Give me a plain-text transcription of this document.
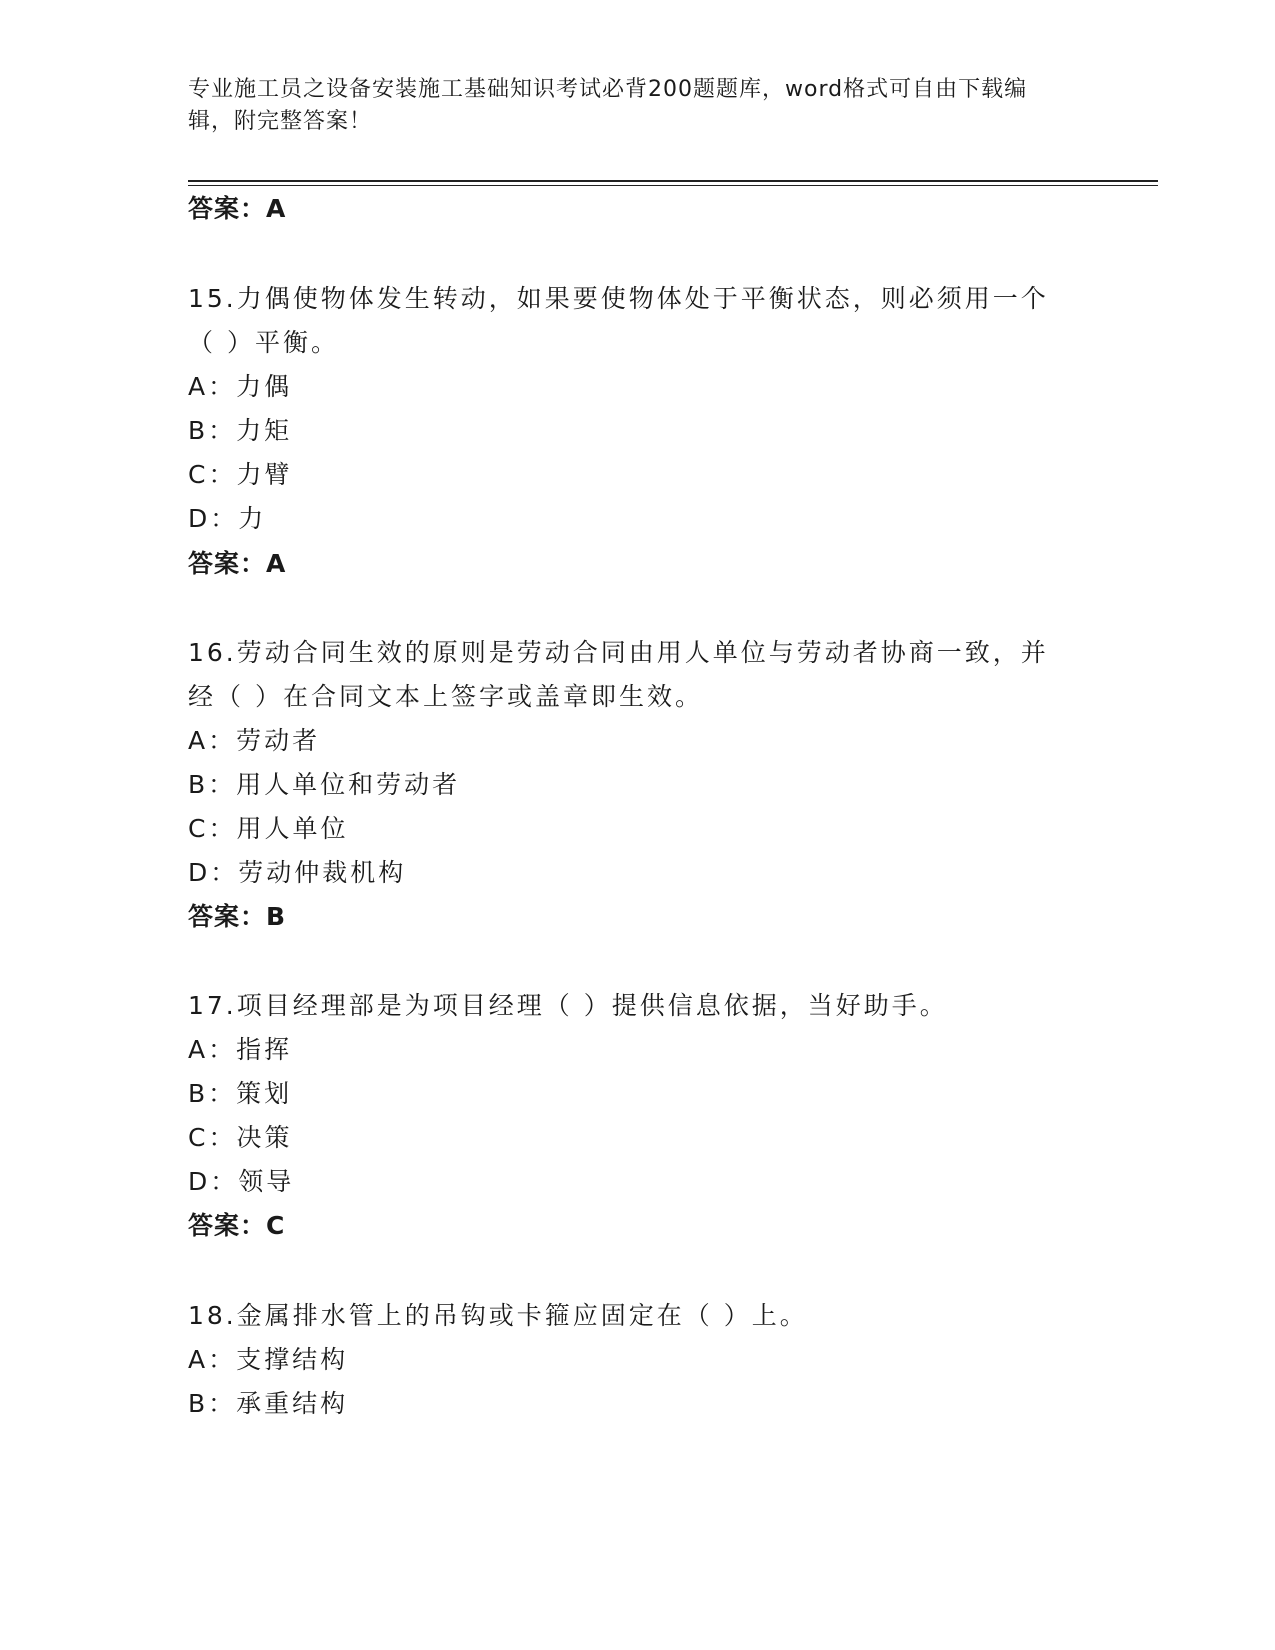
专业施工员之设备安装施工基础知识考试必背200题题库，word格式可自由下载编辑，附完整答案！
答案：A
15.力偶使物体发生转动，如果要使物体处于平衡状态，则必须用一个
（ ）平衡。
A：力偶
B：力矩
C：力臂
D：力
答案：A
16.劳动合同生效的原则是劳动合同由用人单位与劳动者协商一致，并
经（ ）在合同文本上签字或盖章即生效。
A：劳动者
B：用人单位和劳动者
C：用人单位
D：劳动仲裁机构
答案：B
17.项目经理部是为项目经理（ ）提供信息依据，当好助手。
A：指挥
B：策划
C：决策
D：领导
答案：C
18.金属排水管上的吊钩或卡箍应固定在（ ）上。
A：支撑结构
B：承重结构
